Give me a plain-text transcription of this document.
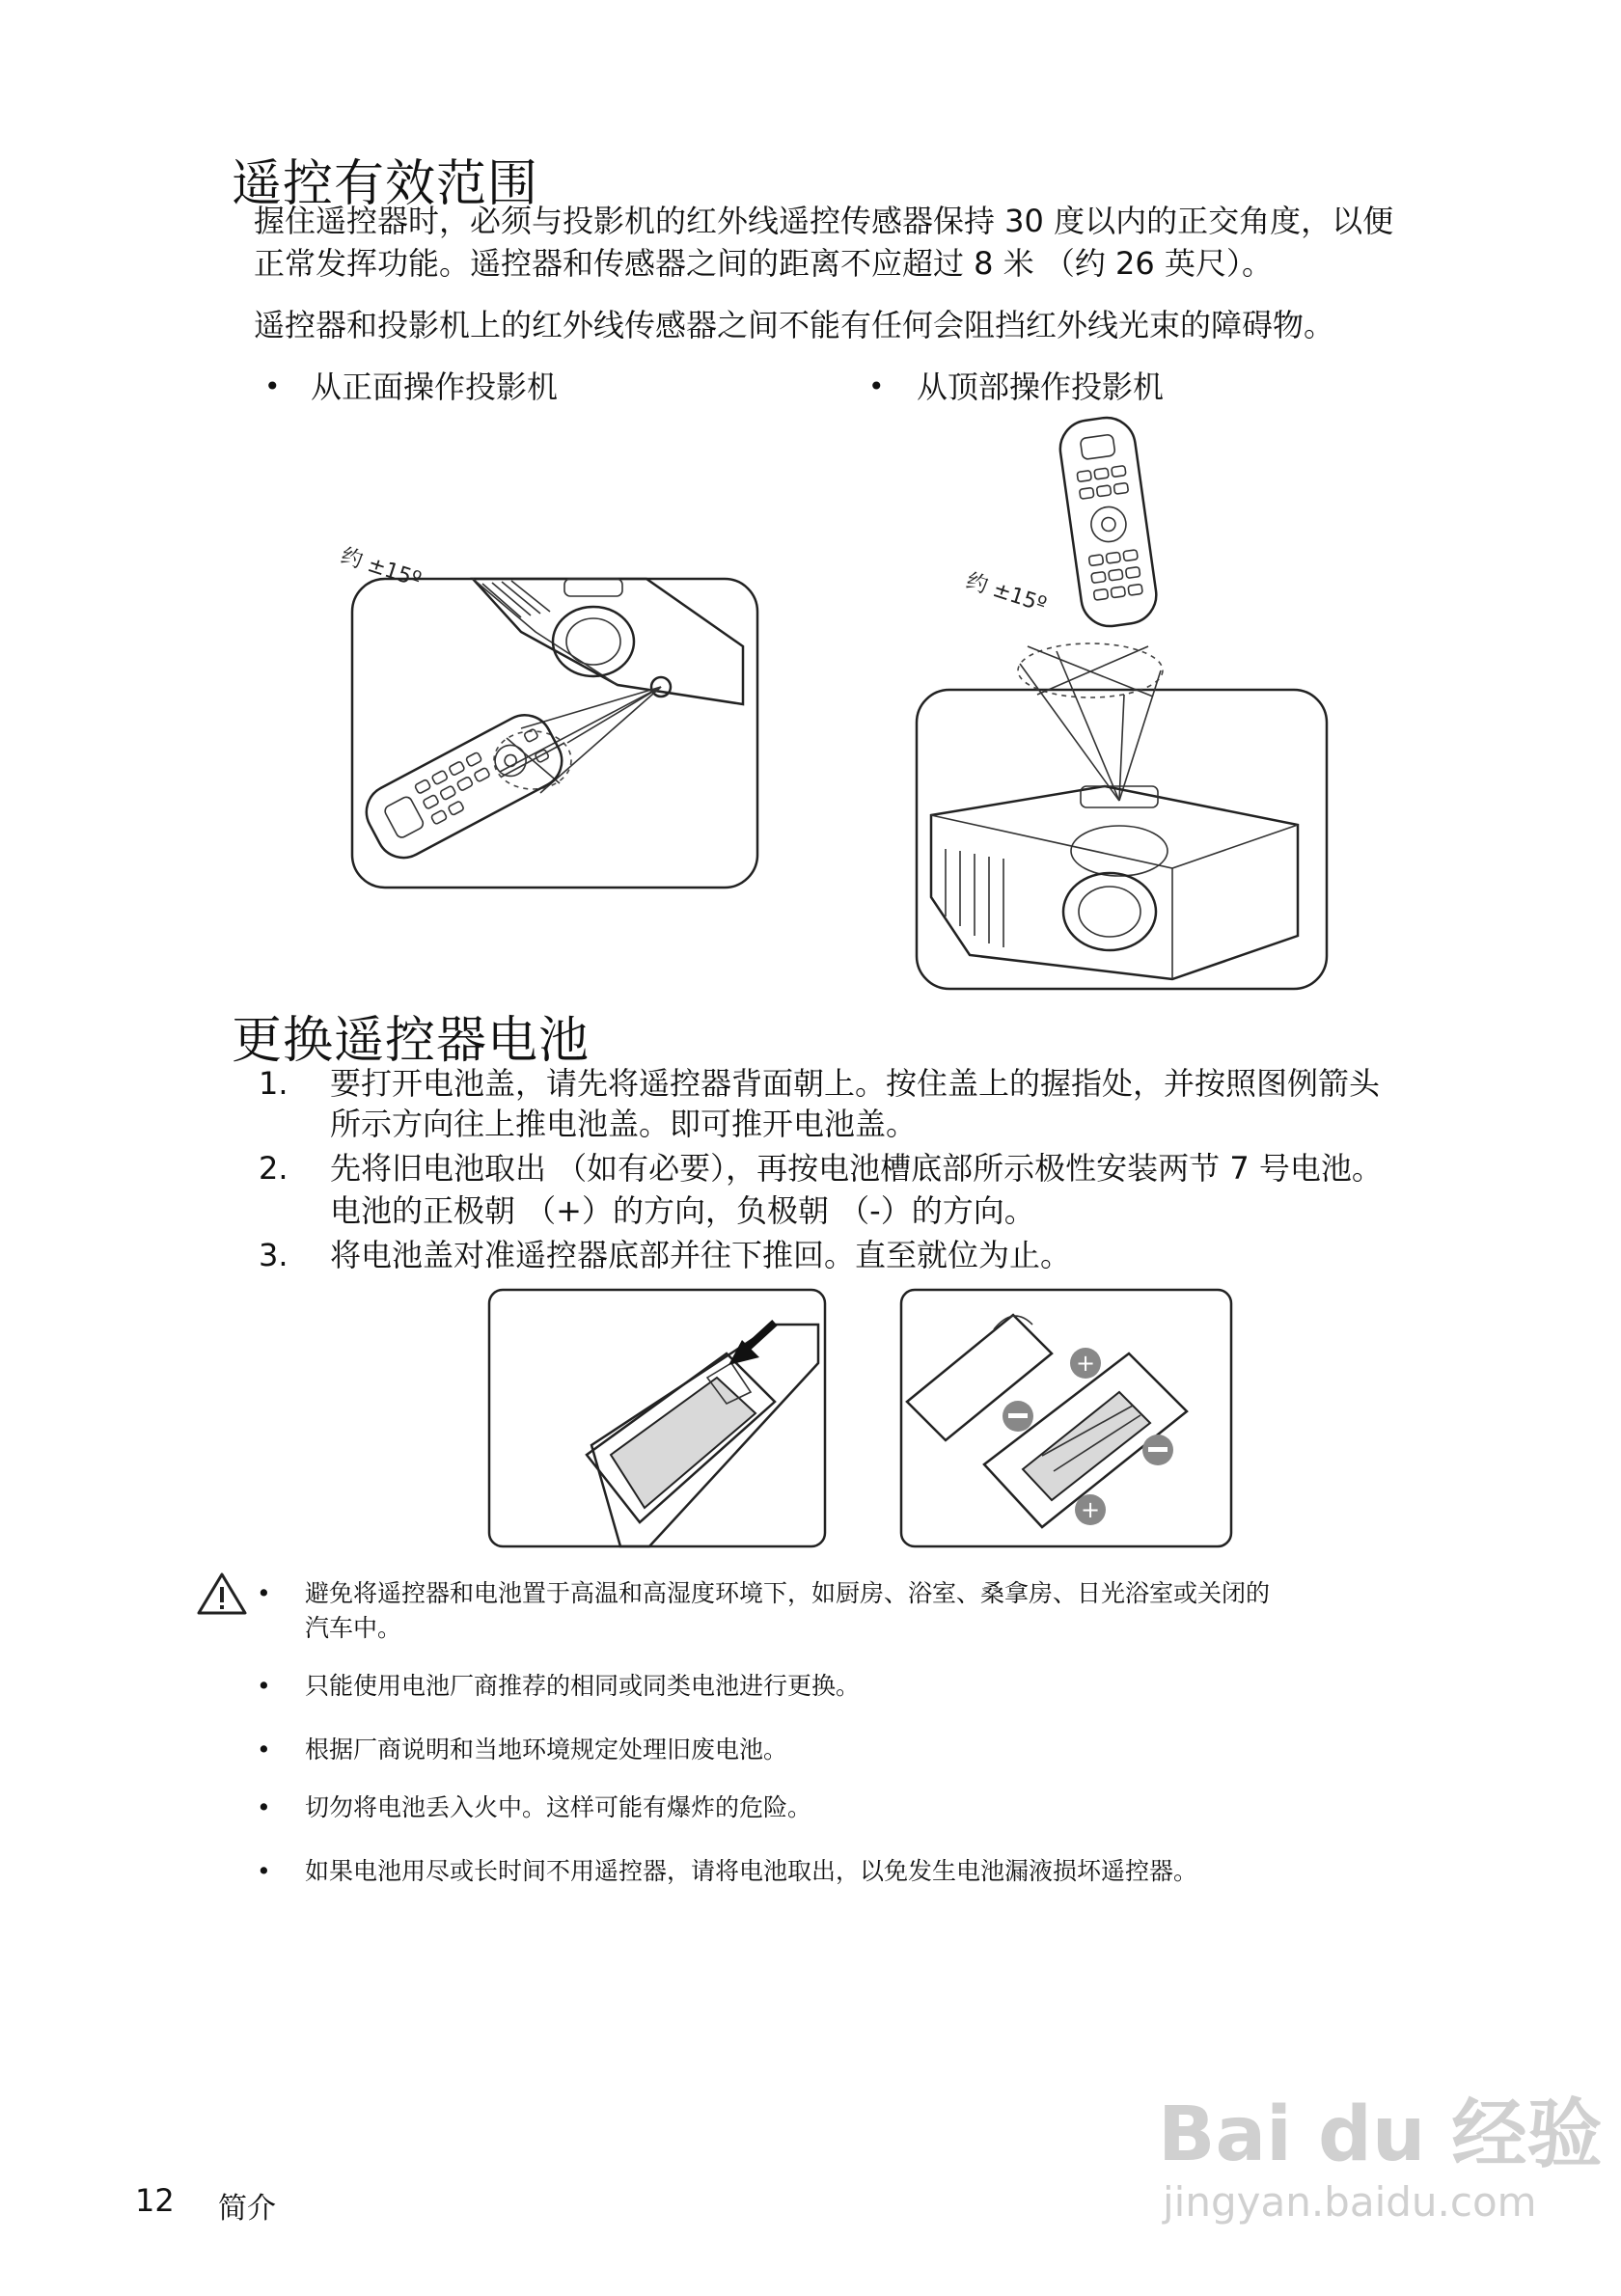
遥控有效范围
握住遥控器时，必须与投影机的红外线遥控传感器保持 30 度以内的正交角度，以便
正常发挥功能。遥控器和传感器之间的距离不应超过 8 米 （约 26 英尺）。
遥控器和投影机上的红外线传感器之间不能有任何会阻挡红外线光束的障碍物。
• 从正面操作投影机	• 从顶部操作投影机
约 ±15º
约 ±15º
更换遥控器电池
1. 要打开电池盖，请先将遥控器背面朝上。按住盖上的握指处，并按照图例箭头
所示方向往上推电池盖。即可推开电池盖。
2. 先将旧电池取出 （如有必要），再按电池槽底部所示极性安装两节 7 号电池。
电池的正极朝 （+）的方向，负极朝 （-）的方向。
3. 将电池盖对准遥控器底部并往下推回。直至就位为止。
+
+
• 避免将遥控器和电池置于高温和高湿度环境下，如厨房、浴室、桑拿房、日光浴室或关闭的
汽车中。
• 只能使用电池厂商推荐的相同或同类电池进行更换。
• 根据厂商说明和当地环境规定处理旧废电池。
• 切勿将电池丢入火中。这样可能有爆炸的危险。
• 如果电池用尽或长时间不用遥控器，请将电池取出，以免发生电池漏液损坏遥控器。
12 简介
Bai du 经验
jingyan.baidu.com
